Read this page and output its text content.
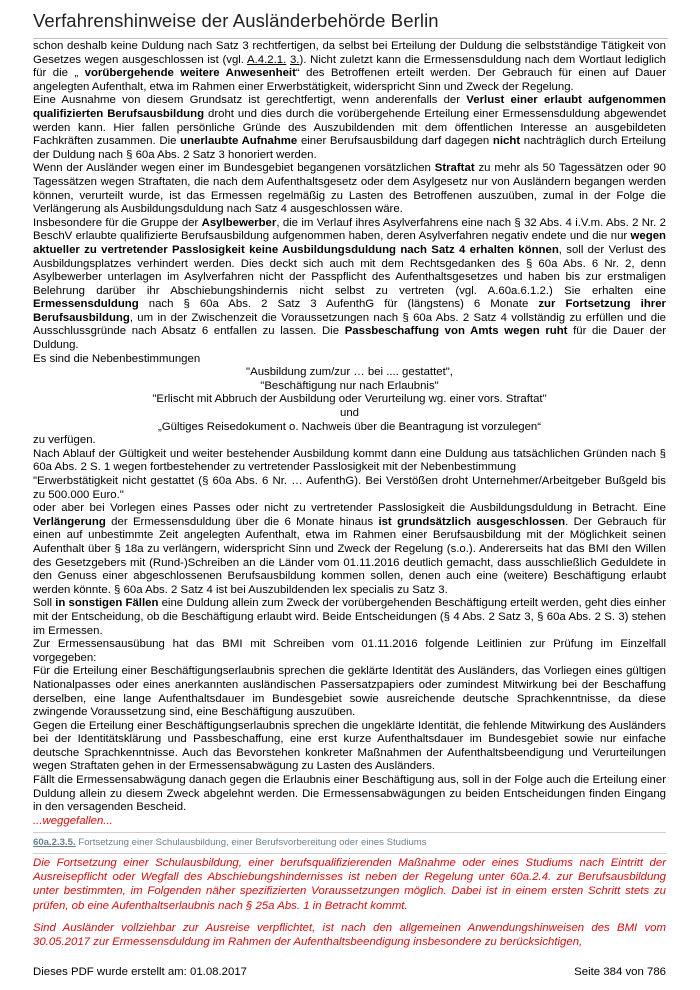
Verfahrenshinweise der Ausländerbehörde Berlin

schon deshalb keine Duldung nach Satz 3 rechtfertigen, da selbst bei Erteilung der Duldung die selbstständige Tätigkeit von Gesetzes wegen ausgeschlossen ist (vgl. A.4.2.1. 3.). Nicht zuletzt kann die Ermessensduldung nach dem Wortlaut lediglich für die „ vorübergehende weitere Anwesenheit“ des Betroffenen erteilt werden. Der Gebrauch für einen auf Dauer angelegten Aufenthalt, etwa im Rahmen einer Erwerbstätigkeit, widerspricht Sinn und Zweck der Regelung.

Eine Ausnahme von diesem Grundsatz ist gerechtfertigt, wenn anderenfalls der Verlust einer erlaubt aufgenommen qualifizierten Berufsausbildung droht und dies durch die vorübergehende Erteilung einer Ermessensduldung abgewendet werden kann. Hier fallen persönliche Gründe des Auszubildenden mit dem öffentlichen Interesse an ausgebildeten Fachkräften zusammen. Die unerlaubte Aufnahme einer Berufsausbildung darf dagegen nicht nachträglich durch Erteilung der Duldung nach § 60a Abs. 2 Satz 3 honoriert werden.

Wenn der Ausländer wegen einer im Bundesgebiet begangenen vorsätzlichen Straftat zu mehr als 50 Tagessätzen oder 90 Tagessätzen wegen Straftaten, die nach dem Aufenthaltsgesetz oder dem Asylgesetz nur von Ausländern begangen werden können, verurteilt wurde, ist das Ermessen regelmäßig zu Lasten des Betroffenen auszuüben, zumal in der Folge die Verlängerung als Ausbildungsduldung nach Satz 4 ausgeschlossen wäre.

Insbesondere für die Gruppe der Asylbewerber, die im Verlauf ihres Asylverfahrens eine nach § 32 Abs. 4 i.V.m. Abs. 2 Nr. 2 BeschV erlaubte qualifizierte Berufsausbildung aufgenommen haben, deren Asylverfahren negativ endete und die nur wegen aktueller zu vertretender Passlosigkeit keine Ausbildungsduldung nach Satz 4 erhalten können, soll der Verlust des Ausbildungsplatzes verhindert werden. Dies deckt sich auch mit dem Rechtsgedanken des § 60a Abs. 6 Nr. 2, denn Asylbewerber unterlagen im Asylverfahren nicht der Passpflicht des Aufenthaltsgesetzes und haben bis zur erstmaligen Belehrung darüber ihr Abschiebungshindernis nicht selbst zu vertreten (vgl. A.60a.6.1.2.) Sie erhalten eine Ermessensduldung nach § 60a Abs. 2 Satz 3 AufenthG für (längstens) 6 Monate zur Fortsetzung ihrer Berufsausbildung, um in der Zwischenzeit die Voraussetzungen nach § 60a Abs. 2 Satz 4 vollständig zu erfüllen und die Ausschlussgründe nach Absatz 6 entfallen zu lassen. Die Passbeschaffung von Amts wegen ruht für die Dauer der Duldung.

Es sind die Nebenbestimmungen

"Ausbildung zum/zur … bei .... gestattet",

"Beschäftigung nur nach Erlaubnis"

"Erlischt mit Abbruch der Ausbildung oder Verurteilung wg. einer vors. Straftat"

und

„Gültiges Reisedokument o. Nachweis über die Beantragung ist vorzulegen“

zu verfügen.

Nach Ablauf der Gültigkeit und weiter bestehender Ausbildung kommt dann eine Duldung aus tatsächlichen Gründen nach § 60a Abs. 2 S. 1 wegen fortbestehender zu vertretender Passlosigkeit mit der Nebenbestimmung

"Erwerbstätigkeit nicht gestattet (§ 60a Abs. 6 Nr. … AufenthG). Bei Verstößen droht Unternehmer/Arbeitgeber Bußgeld bis zu 500.000 Euro."

oder aber bei Vorlegen eines Passes oder nicht zu vertretender Passlosigkeit die Ausbildungsduldung in Betracht. Eine Verlängerung der Ermessensduldung über die 6 Monate hinaus ist grundsätzlich ausgeschlossen. Der Gebrauch für einen auf unbestimmte Zeit angelegten Aufenthalt, etwa im Rahmen einer Berufsausbildung mit der Möglichkeit seinen Aufenthalt über § 18a zu verlängern, widerspricht Sinn und Zweck der Regelung (s.o.). Andererseits hat das BMI den Willen des Gesetzgebers mit (Rund-)Schreiben an die Länder vom 01.11.2016 deutlich gemacht, dass ausschließlich Geduldete in den Genuss einer abgeschlossenen Berufsausbildung kommen sollen, denen auch eine (weitere) Beschäftigung erlaubt werden könnte. § 60a Abs. 2 Satz 4 ist bei Auszubildenden lex specialis zu Satz 3.

Soll in sonstigen Fällen eine Duldung allein zum Zweck der vorübergehenden Beschäftigung erteilt werden, geht dies einher mit der Entscheidung, ob die Beschäftigung erlaubt wird. Beide Entscheidungen (§ 4 Abs. 2 Satz 3, § 60a Abs. 2 S. 3) stehen im Ermessen.

Zur Ermessensausübung hat das BMI mit Schreiben vom 01.11.2016 folgende Leitlinien zur Prüfung im Einzelfall vorgegeben:

Für die Erteilung einer Beschäftigungserlaubnis sprechen die geklärte Identität des Ausländers, das Vorliegen eines gültigen Nationalpasses oder eines anerkannten ausländischen Passersatzpapiers oder zumindest Mitwirkung bei der Beschaffung derselben, eine lange Aufenthaltsdauer im Bundesgebiet sowie ausreichende deutsche Sprachkenntnisse, da diese zwingende Voraussetzung sind, eine Beschäftigung auszuüben.

Gegen die Erteilung einer Beschäftigungserlaubnis sprechen die ungeklärte Identität, die fehlende Mitwirkung des Ausländers bei der Identitätsklärung und Passbeschaffung, eine erst kurze Aufenthaltsdauer im Bundesgebiet sowie nur einfache deutsche Sprachkenntnisse. Auch das Bevorstehen konkreter Maßnahmen der Aufenthaltsbeendigung und Verurteilungen wegen Straftaten gehen in der Ermessensabwägung zu Lasten des Ausländers.

Fällt die Ermessensabwägung danach gegen die Erlaubnis einer Beschäftigung aus, soll in der Folge auch die Erteilung einer Duldung allein zu diesem Zweck abgelehnt werden. Die Ermessensabwägungen zu beiden Entscheidungen finden Eingang in den versagenden Bescheid.

...weggefallen...

60a.2.3.5. Fortsetzung einer Schulausbildung, einer Berufsvorbereitung oder eines Studiums

Die Fortsetzung einer Schulausbildung, einer berufsqualifizierenden Maßnahme oder eines Studiums nach Eintritt der Ausreisepflicht oder Wegfall des Abschiebungshindernisses ist neben der Regelung unter 60a.2.4. zur Berufsausbildung unter bestimmten, im Folgenden näher spezifizierten Voraussetzungen möglich. Dabei ist in einem ersten Schritt stets zu prüfen, ob eine Aufenthaltserlaubnis nach § 25a Abs. 1 in Betracht kommt.

Sind Ausländer vollziehbar zur Ausreise verpflichtet, ist nach den allgemeinen Anwendungshinweisen des BMI vom 30.05.2017 zur Ermessensduldung im Rahmen der Aufenthaltsbeendigung insbesondere zu berücksichtigen,

Dieses PDF wurde erstellt am: 01.08.2017	Seite 384 von 786
